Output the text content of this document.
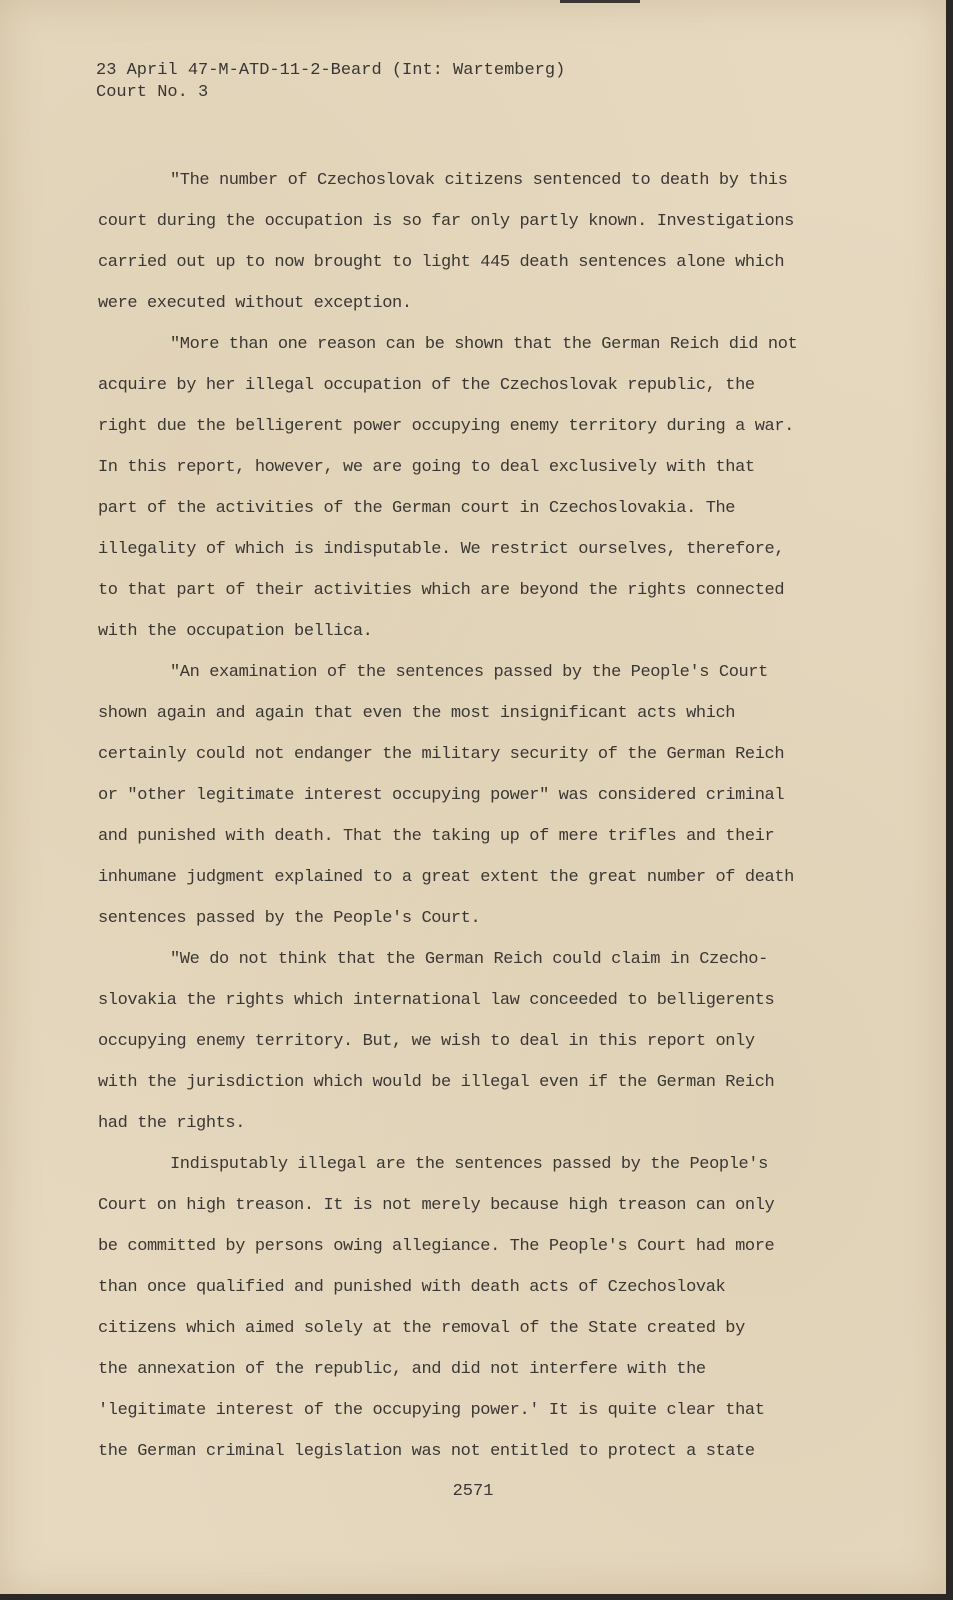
23 April 47-M-ATD-11-2-Beard (Int: Wartemberg)
Court No. 3
"The number of Czechoslovak citizens sentenced to death by this
court during the occupation is so far only partly known. Investigations
carried out up to now brought to light 445 death sentences alone which
were executed without exception.
"More than one reason can be shown that the German Reich did not
acquire by her illegal occupation of the Czechoslovak republic, the
right due the belligerent power occupying enemy territory during a war.
In this report, however, we are going to deal exclusively with that
part of the activities of the German court in Czechoslovakia. The
illegality of which is indisputable. We restrict ourselves, therefore,
to that part of their activities which are beyond the rights connected
with the occupation bellica.
"An examination of the sentences passed by the People's Court
shown again and again that even the most insignificant acts which
certainly could not endanger the military security of the German Reich
or "other legitimate interest occupying power" was considered criminal
and punished with death. That the taking up of mere trifles and their
inhumane judgment explained to a great extent the great number of death
sentences passed by the People's Court.
"We do not think that the German Reich could claim in Czecho-
slovakia the rights which international law conceeded to belligerents
occupying enemy territory. But, we wish to deal in this report only
with the jurisdiction which would be illegal even if the German Reich
had the rights.
Indisputably illegal are the sentences passed by the People's
Court on high treason. It is not merely because high treason can only
be committed by persons owing allegiance. The People's Court had more
than once qualified and punished with death acts of Czechoslovak
citizens which aimed solely at the removal of the State created by
the annexation of the republic, and did not interfere with the
'legitimate interest of the occupying power.' It is quite clear that
the German criminal legislation was not entitled to protect a state
2571
